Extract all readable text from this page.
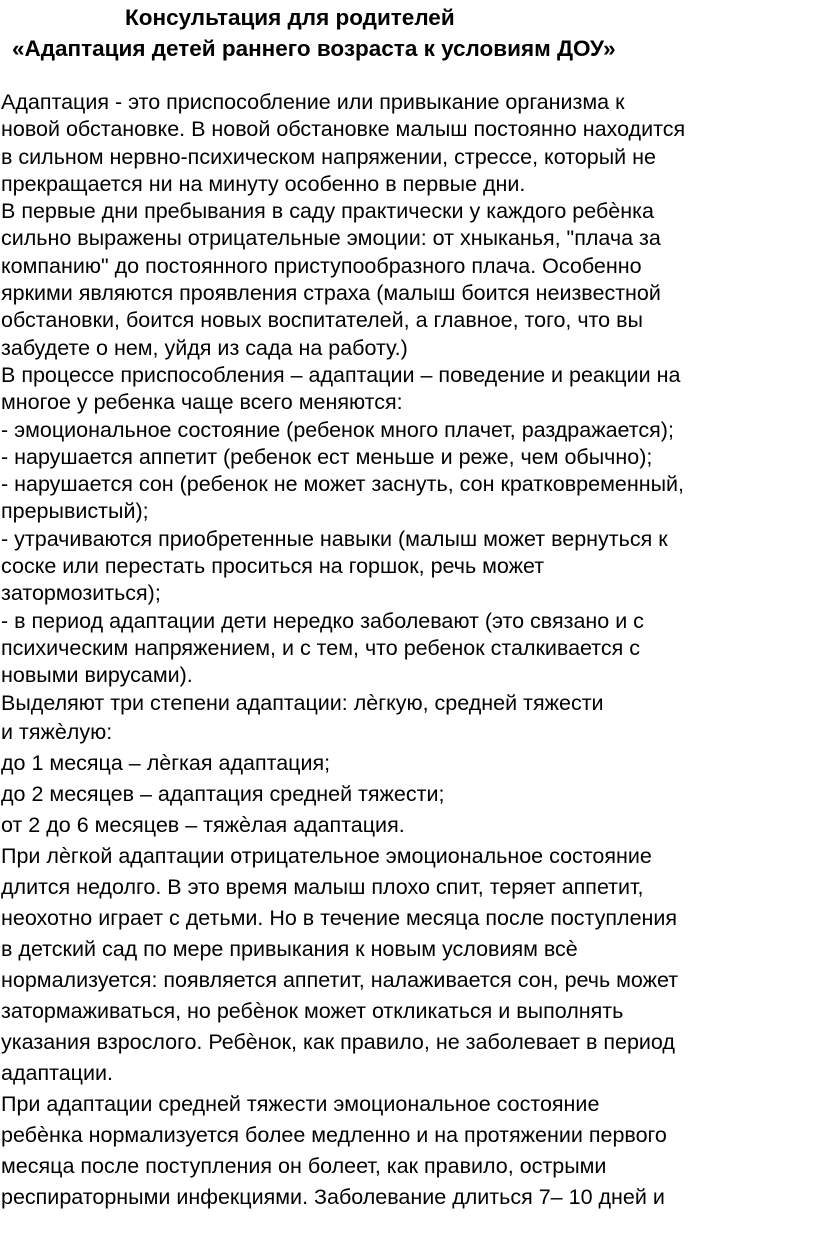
Консультация для родителей
«Адаптация детей раннего возраста к условиям ДОУ»
Адаптация - это приспособление или привыкание организма к
новой обстановке. В новой обстановке малыш постоянно находится
в сильном нервно-психическом напряжении, стрессе, который не
прекращается ни на минуту особенно в первые дни.
В первые дни пребывания в саду практически у каждого ребѐнка
сильно выражены отрицательные эмоции: от хныканья, "плача за
компанию" до постоянного приступообразного плача. Особенно
яркими являются проявления страха (малыш боится неизвестной
обстановки, боится новых воспитателей, а главное, того, что вы
забудете о нем, уйдя из сада на работу.)
В процессе приспособления – адаптации – поведение и реакции на
многое у ребенка чаще всего меняются:
- эмоциональное состояние (ребенок много плачет, раздражается);
- нарушается аппетит (ребенок ест меньше и реже, чем обычно);
- нарушается сон (ребенок не может заснуть, сон кратковременный,
прерывистый);
- утрачиваются приобретенные навыки (малыш может вернуться к
соске или перестать проситься на горшок, речь может
затормозиться);
- в период адаптации дети нередко заболевают (это связано и с
психическим напряжением, и с тем, что ребенок сталкивается с
новыми вирусами).
Выделяют три степени адаптации: лѐгкую, средней тяжести
и тяжѐлую:
до 1 месяца – лѐгкая адаптация;
до 2 месяцев – адаптация средней тяжести;
от 2 до 6 месяцев – тяжѐлая адаптация.
При лѐгкой адаптации отрицательное эмоциональное состояние
длится недолго. В это время малыш плохо спит, теряет аппетит,
неохотно играет с детьми. Но в течение месяца после поступления
в детский сад по мере привыкания к новым условиям всѐ
нормализуется: появляется аппетит, налаживается сон, речь может
затормаживаться, но ребѐнок может откликаться и выполнять
указания взрослого. Ребѐнок, как правило, не заболевает в период
адаптации.
При адаптации средней тяжести эмоциональное состояние
ребѐнка нормализуется более медленно и на протяжении первого
месяца после поступления он болеет, как правило, острыми
респираторными инфекциями. Заболевание длиться 7– 10 дней и
